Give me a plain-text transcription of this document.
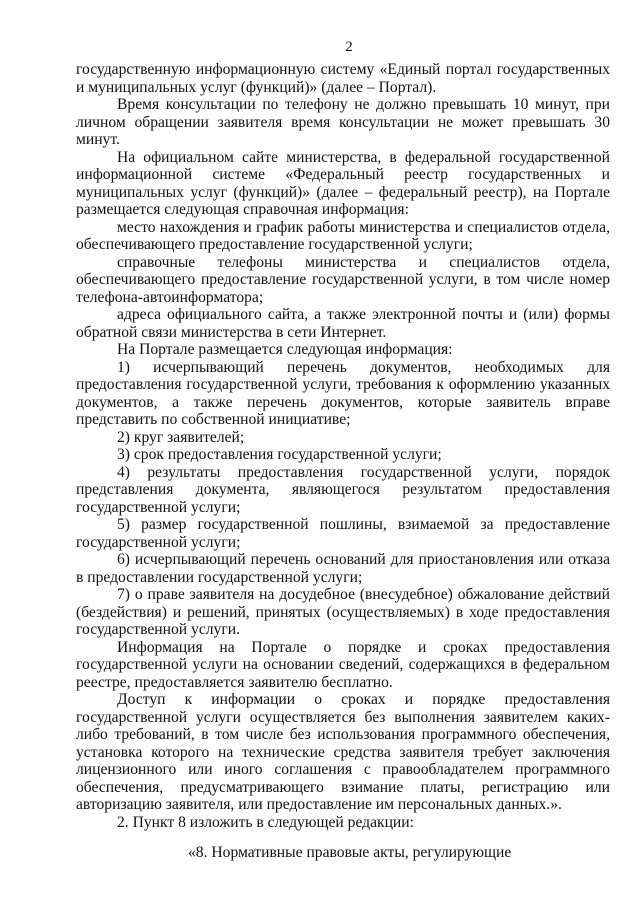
2

государственную информационную систему «Единый портал государственных и муниципальных услуг (функций)» (далее – Портал).

Время консультации по телефону не должно превышать 10 минут, при личном обращении заявителя время консультации не может превышать 30 минут.

На официальном сайте министерства, в федеральной государственной информационной системе «Федеральный реестр государственных и муниципальных услуг (функций)» (далее – федеральный реестр), на Портале размещается следующая справочная информация:

место нахождения и график работы министерства и специалистов отдела, обеспечивающего предоставление государственной услуги;

справочные телефоны министерства и специалистов отдела, обеспечивающего предоставление государственной услуги, в том числе номер телефона-автоинформатора;

адреса официального сайта, а также электронной почты и (или) формы обратной связи министерства в сети Интернет.

На Портале размещается следующая информация:

1) исчерпывающий перечень документов, необходимых для предоставления государственной услуги, требования к оформлению указанных документов, а также перечень документов, которые заявитель вправе представить по собственной инициативе;

2) круг заявителей;

3) срок предоставления государственной услуги;

4) результаты предоставления государственной услуги, порядок представления документа, являющегося результатом предоставления государственной услуги;

5) размер государственной пошлины, взимаемой за предоставление государственной услуги;

6) исчерпывающий перечень оснований для приостановления или отказа в предоставлении государственной услуги;

7) о праве заявителя на досудебное (внесудебное) обжалование действий (бездействия) и решений, принятых (осуществляемых) в ходе предоставления государственной услуги.

Информация на Портале о порядке и сроках предоставления государственной услуги на основании сведений, содержащихся в федеральном реестре, предоставляется заявителю бесплатно.

Доступ к информации о сроках и порядке предоставления государственной услуги осуществляется без выполнения заявителем каких-либо требований, в том числе без использования программного обеспечения, установка которого на технические средства заявителя требует заключения лицензионного или иного соглашения с правообладателем программного обеспечения, предусматривающего взимание платы, регистрацию или авторизацию заявителя, или предоставление им персональных данных.».

2. Пункт 8 изложить в следующей редакции:

«8. Нормативные правовые акты, регулирующие
